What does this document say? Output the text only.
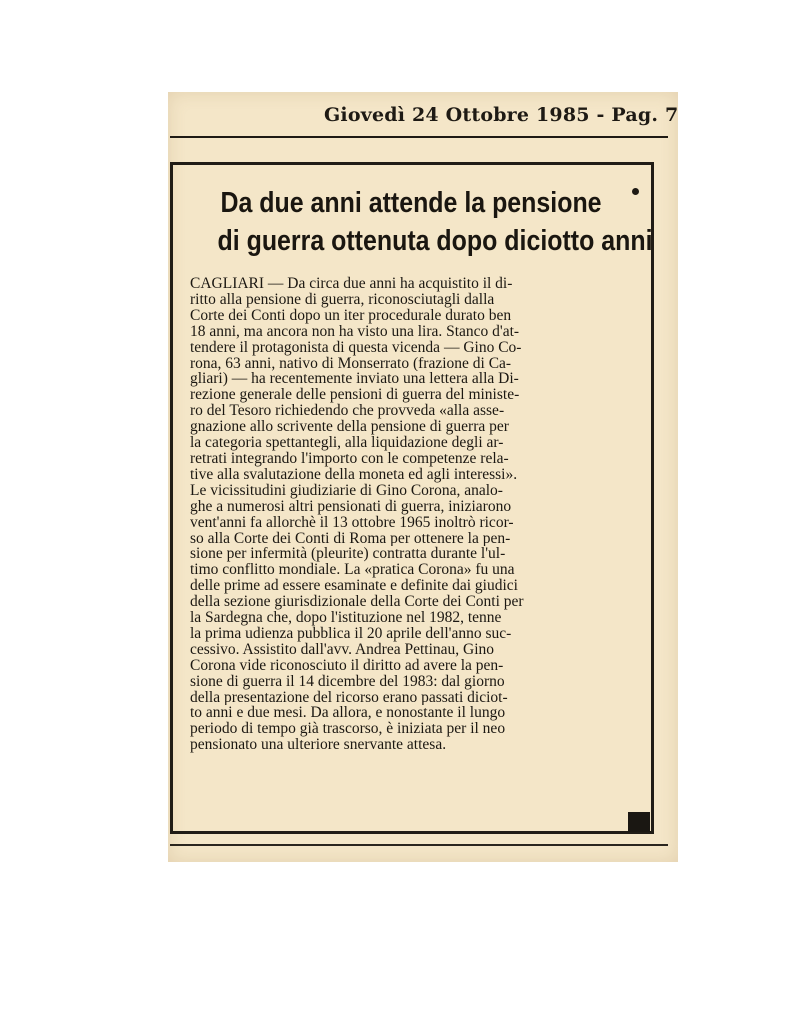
Giovedì 24 Ottobre 1985 - Pag. 7
Da due anni attende la pensione
di guerra ottenuta dopo diciotto anni
CAGLIARI — Da circa due anni ha acquistito il di-
ritto alla pensione di guerra, riconosciutagli dalla
Corte dei Conti dopo un iter procedurale durato ben
18 anni, ma ancora non ha visto una lira. Stanco d'at-
tendere il protagonista di questa vicenda — Gino Co-
rona, 63 anni, nativo di Monserrato (frazione di Ca-
gliari) — ha recentemente inviato una lettera alla Di-
rezione generale delle pensioni di guerra del ministe-
ro del Tesoro richiedendo che provveda «alla asse-
gnazione allo scrivente della pensione di guerra per
la categoria spettantegli, alla liquidazione degli ar-
retrati integrando l'importo con le competenze rela-
tive alla svalutazione della moneta ed agli interessi».
Le vicissitudini giudiziarie di Gino Corona, analo-
ghe a numerosi altri pensionati di guerra, iniziarono
vent'anni fa allorchè il 13 ottobre 1965 inoltrò ricor-
so alla Corte dei Conti di Roma per ottenere la pen-
sione per infermità (pleurite) contratta durante l'ul-
timo conflitto mondiale. La «pratica Corona» fu una
delle prime ad essere esaminate e definite dai giudici
della sezione giurisdizionale della Corte dei Conti per
la Sardegna che, dopo l'istituzione nel 1982, tenne
la prima udienza pubblica il 20 aprile dell'anno suc-
cessivo. Assistito dall'avv. Andrea Pettinau, Gino
Corona vide riconosciuto il diritto ad avere la pen-
sione di guerra il 14 dicembre del 1983: dal giorno
della presentazione del ricorso erano passati diciot-
to anni e due mesi. Da allora, e nonostante il lungo
periodo di tempo già trascorso, è iniziata per il neo
pensionato una ulteriore snervante attesa.
